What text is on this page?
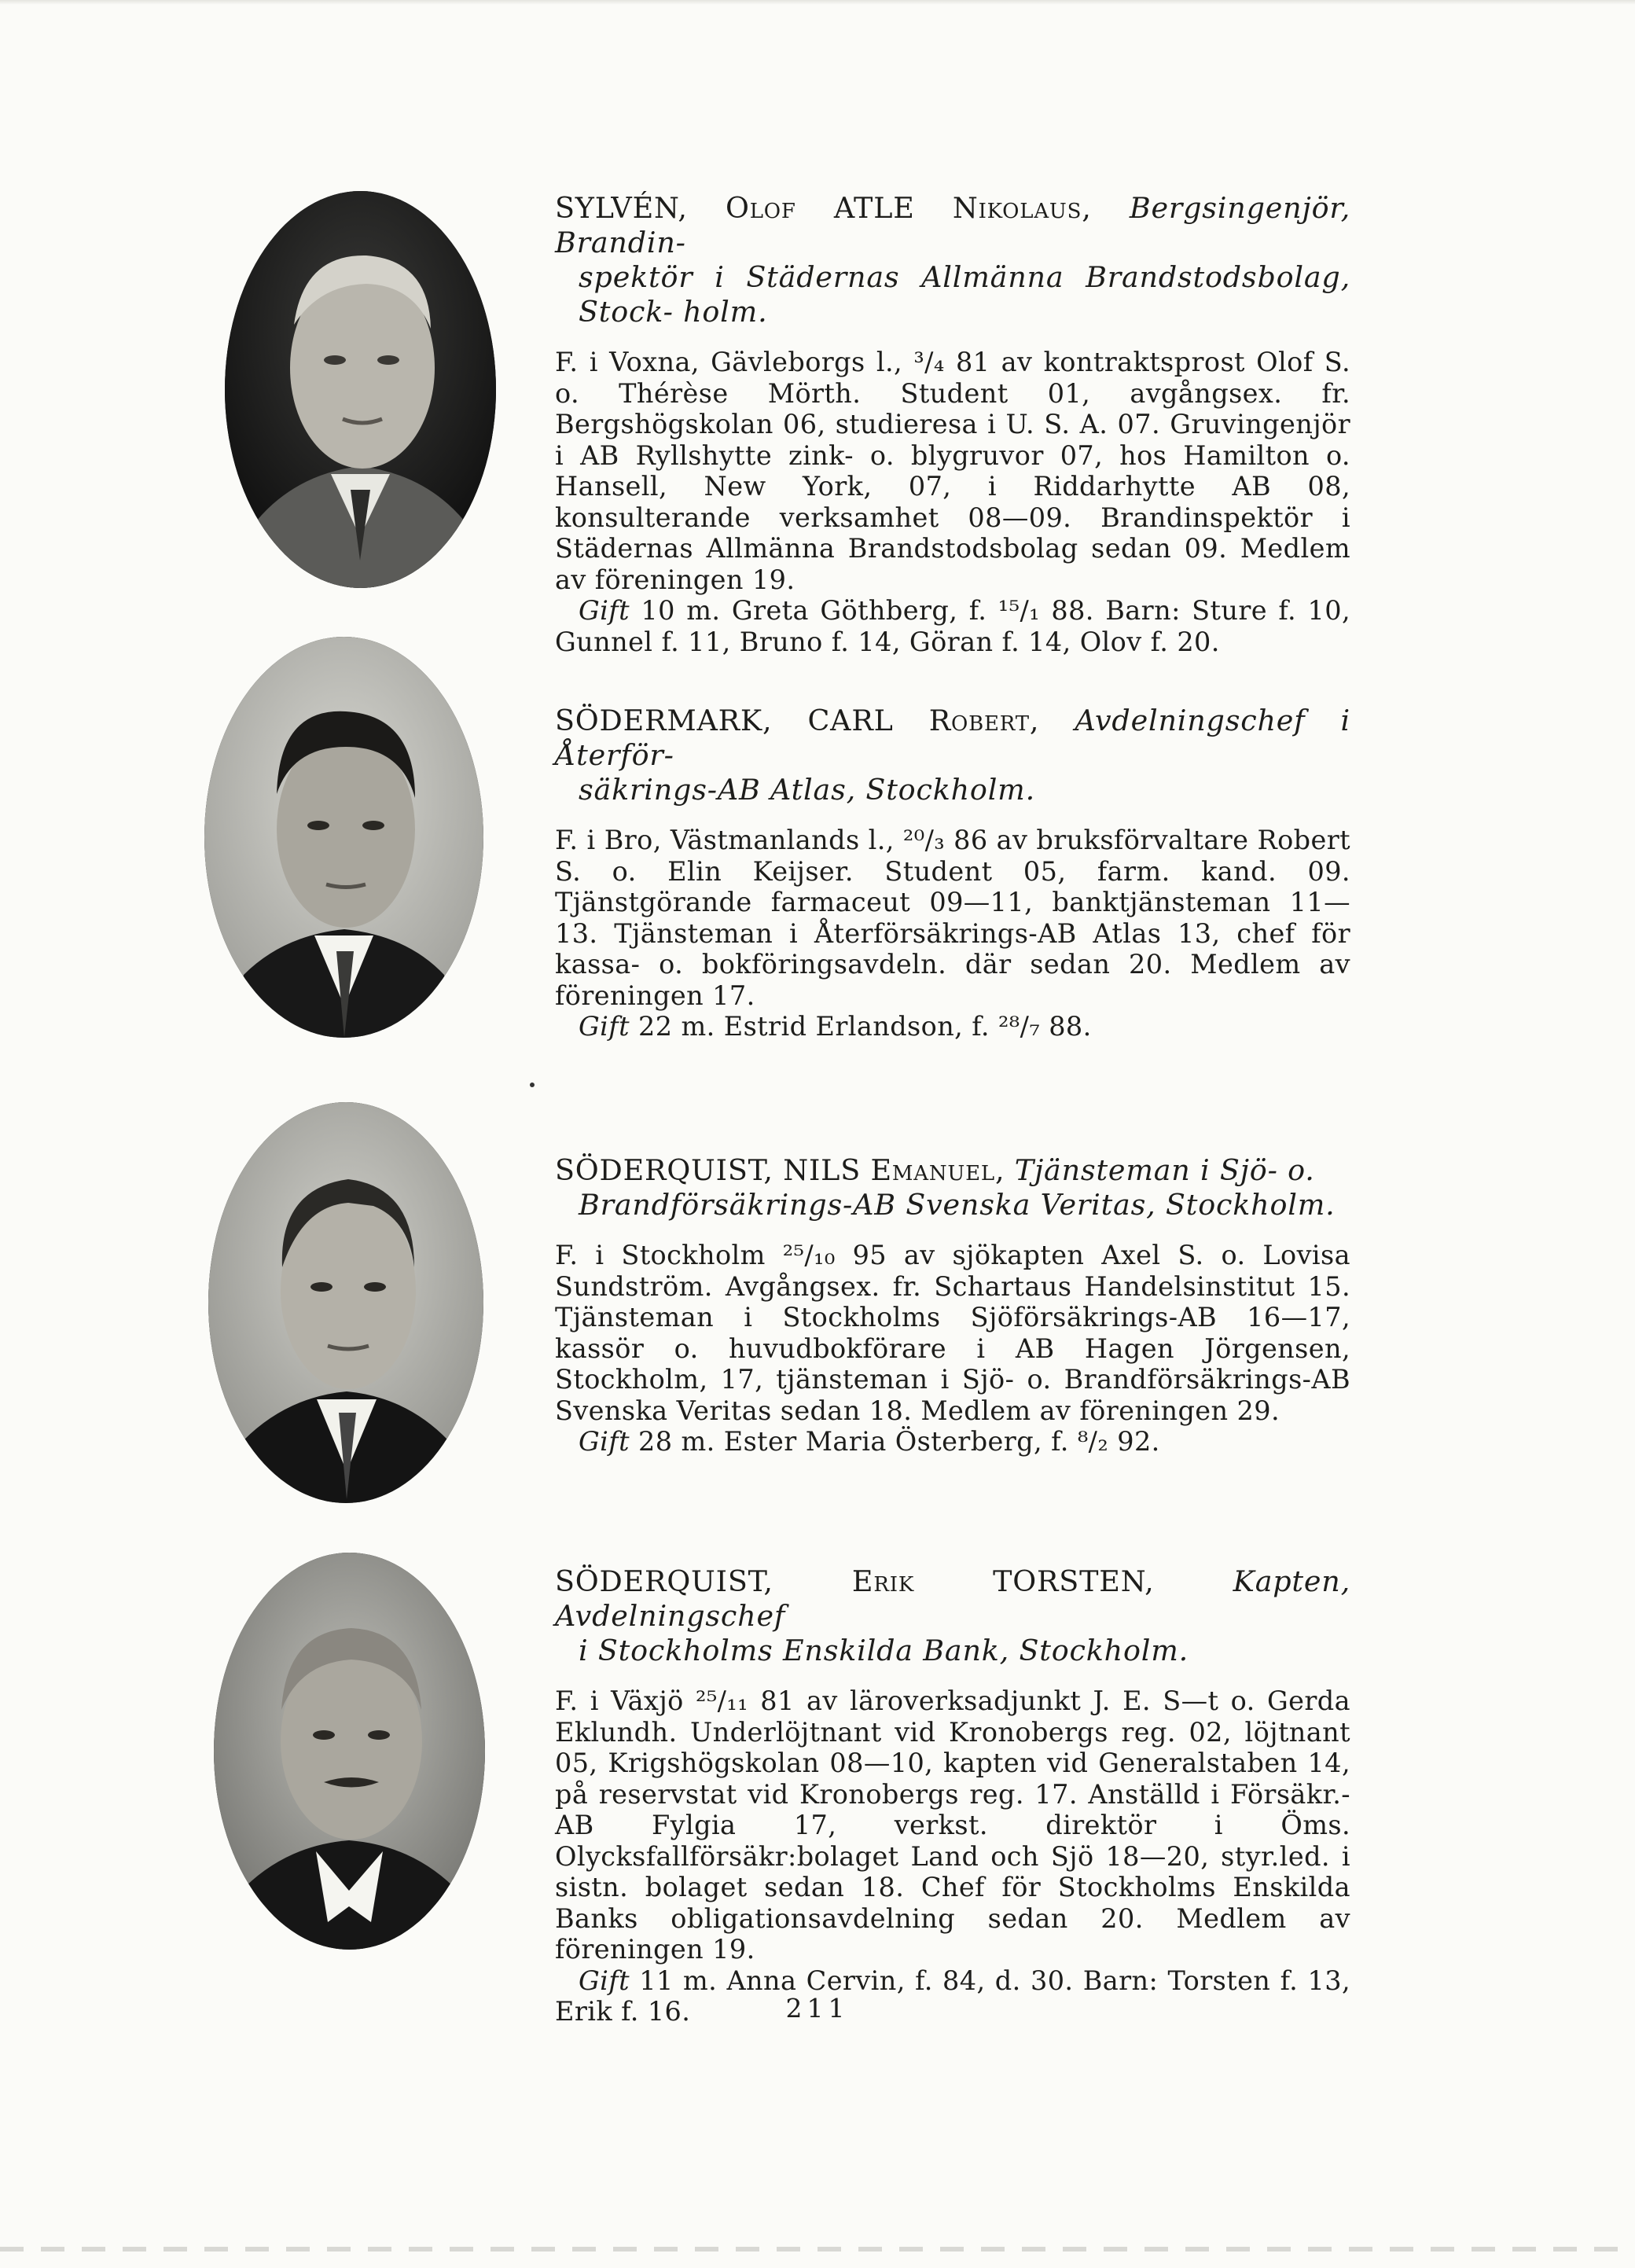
SYLVÉN, Olof ATLE Nikolaus, Bergsingenjör, Brandin-
spektör i Städernas Allmänna Brandstodsbolag, Stock- holm.

F. i Voxna, Gävleborgs l., ³/₄ 81 av kontraktsprost Olof S. o. Thérèse Mörth. Student 01, avgångsex. fr. Bergshögskolan 06, studieresa i U. S. A. 07. Gruvingenjör i AB Ryllshytte zink- o. blygruvor 07, hos Hamilton o. Hansell, New York, 07, i Riddarhytte AB 08, konsulterande verksamhet 08—09. Brandinspektör i Städernas Allmänna Brandstodsbolag sedan 09. Medlem av föreningen 19.

Gift 10 m. Greta Göthberg, f. ¹⁵/₁ 88. Barn: Sture f. 10, Gunnel f. 11, Bruno f. 14, Göran f. 14, Olov f. 20.

SÖDERMARK, CARL Robert, Avdelningschef i Återför-
säkrings-AB Atlas, Stockholm.

F. i Bro, Västmanlands l., ²⁰/₃ 86 av bruksförvaltare Robert S. o. Elin Keijser. Student 05, farm. kand. 09. Tjänstgörande farmaceut 09—11, banktjänsteman 11—13. Tjänsteman i Återförsäkrings-AB Atlas 13, chef för kassa- o. bokföringsavdeln. där sedan 20. Medlem av föreningen 17.

Gift 22 m. Estrid Erlandson, f. ²⁸/₇ 88.

SÖDERQUIST, NILS Emanuel, Tjänsteman i Sjö- o.
Brandförsäkrings-AB Svenska Veritas, Stockholm.

F. i Stockholm ²⁵/₁₀ 95 av sjökapten Axel S. o. Lovisa Sundström. Avgångsex. fr. Schartaus Handelsinstitut 15. Tjänsteman i Stockholms Sjöförsäkrings-AB 16—17, kassör o. huvudbokförare i AB Hagen Jörgensen, Stockholm, 17, tjänsteman i Sjö- o. Brandförsäkrings-AB Svenska Veritas sedan 18. Medlem av föreningen 29.

Gift 28 m. Ester Maria Österberg, f. ⁸/₂ 92.

SÖDERQUIST,	Erik	TORSTEN,	Kapten, Avdelningschef
i Stockholms Enskilda Bank, Stockholm.

F. i Växjö ²⁵/₁₁ 81 av läroverksadjunkt J. E. S—t o. Gerda Eklundh. Underlöjtnant vid Kronobergs reg. 02, löjtnant 05, Krigshögskolan 08—10, kapten vid Generalstaben 14, på reservstat vid Kronobergs reg. 17. Anställd i Försäkr.-AB Fylgia 17, verkst. direktör i Öms. Olycksfallförsäkr:bolaget Land och Sjö 18—20, styr.led. i sistn. bolaget sedan 18. Chef för Stockholms Enskilda Banks obligationsavdelning sedan 20. Medlem av föreningen 19.

Gift 11 m. Anna Cervin, f. 84, d. 30. Barn: Torsten f. 13, Erik f. 16.	211
